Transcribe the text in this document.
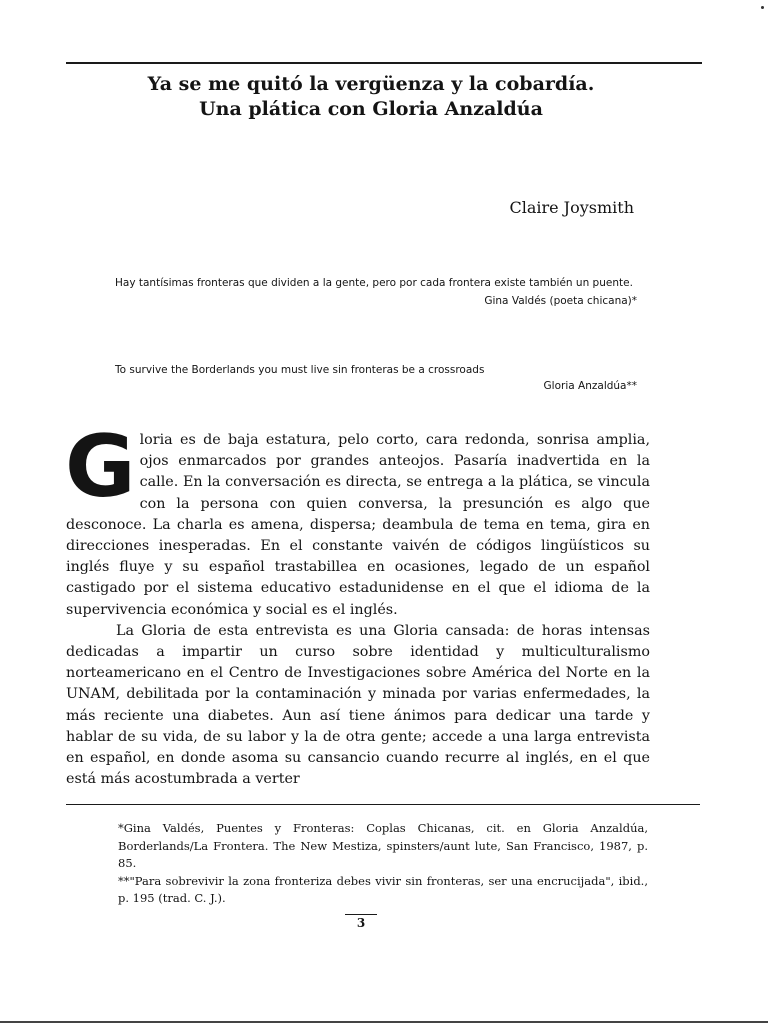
Ya se me quitó la vergüenza y la cobardía.
Una plática con Gloria Anzaldúa
Claire Joysmith
Hay tantísimas fronteras que dividen a la gente, pero por cada frontera existe también un puente.
Gina Valdés (poeta chicana)*
To survive the Borderlands you must live sin fronteras be a crossroads
Gloria Anzaldúa**

Gloria es de baja estatura, pelo corto, cara redonda, sonrisa amplia, ojos enmarcados por grandes anteojos. Pasaría inadvertida en la calle. En la conversación es directa, se entrega a la plática, se vincula con la persona con quien conversa, la presunción es algo que desconoce. La charla es amena, dispersa; deambula de tema en tema, gira en direcciones inesperadas. En el constante vaivén de códigos lingüísticos su inglés fluye y su español trastabillea en ocasiones, legado de un español castigado por el sistema educativo estadunidense en el que el idioma de la supervivencia económica y social es el inglés.

La Gloria de esta entrevista es una Gloria cansada: de horas intensas dedicadas a impartir un curso sobre identidad y multiculturalismo norteamericano en el Centro de Investigaciones sobre América del Norte en la UNAM, debilitada por la contaminación y minada por varias enfermedades, la más reciente una diabetes. Aun así tiene ánimos para dedicar una tarde y hablar de su vida, de su labor y la de otra gente; accede a una larga entrevista en español, en donde asoma su cansancio cuando recurre al inglés, en el que está más acostumbrada a verter

*Gina Valdés, Puentes y Fronteras: Coplas Chicanas, cit. en Gloria Anzaldúa, Borderlands/La Frontera. The New Mestiza, spinsters/aunt lute, San Francisco, 1987, p. 85.

**"Para sobrevivir la zona fronteriza debes vivir sin fronteras, ser una encrucijada", ibid., p. 195 (trad. C. J.).

3
